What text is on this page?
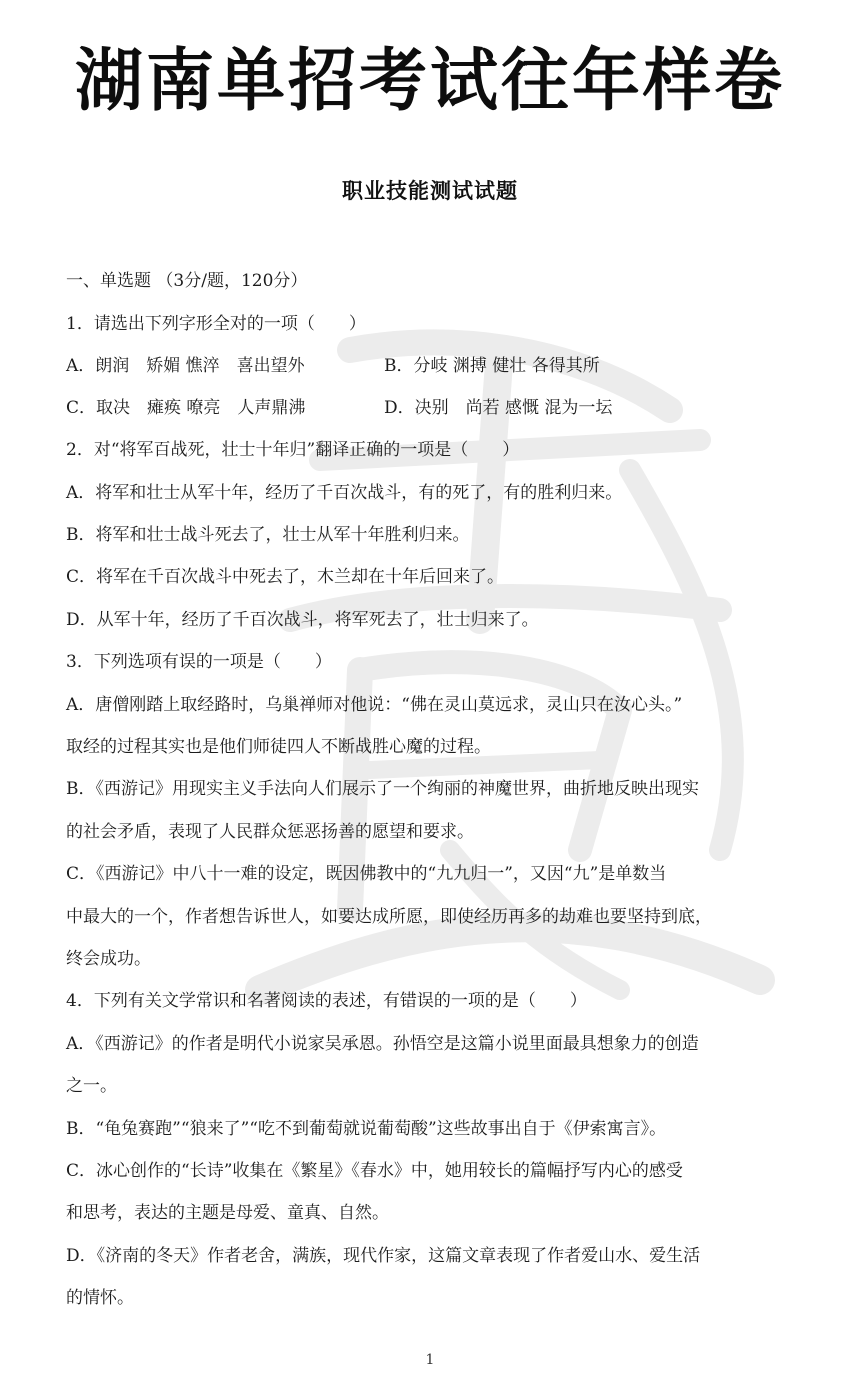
湖南单招考试往年样卷
职业技能测试试题
一、单选题 （3分/题，120分）
1．请选出下列字形全对的一项（　　）
A．朗润　矫媚 憔淬　喜出望外	B．分岐 渊搏 健壮 各得其所
C．取决　瘫痪 嘹亮　人声鼎沸	D．决别　尚若 感慨 混为一坛
2．对“将军百战死，壮士十年归”翻译正确的一项是（　　）
A．将军和壮士从军十年，经历了千百次战斗，有的死了，有的胜利归来。
B．将军和壮士战斗死去了，壮士从军十年胜利归来。
C．将军在千百次战斗中死去了，木兰却在十年后回来了。
D．从军十年，经历了千百次战斗，将军死去了，壮士归来了。
3．下列选项有误的一项是（　　）
A．唐僧刚踏上取经路时，乌巢禅师对他说：“佛在灵山莫远求，灵山只在汝心头。”
取经的过程其实也是他们师徒四人不断战胜心魔的过程。
B．《西游记》用现实主义手法向人们展示了一个绚丽的神魔世界，曲折地反映出现实
的社会矛盾，表现了人民群众惩恶扬善的愿望和要求。
C．《西游记》中八十一难的设定，既因佛教中的“九九归一”，又因“九”是单数当
中最大的一个，作者想告诉世人，如要达成所愿，即使经历再多的劫难也要坚持到底，
终会成功。
4．下列有关文学常识和名著阅读的表述，有错误的一项的是（　　）
A．《西游记》的作者是明代小说家吴承恩。孙悟空是这篇小说里面最具想象力的创造
之一。
B．“龟兔赛跑”“狼来了”“吃不到葡萄就说葡萄酸”这些故事出自于《伊索寓言》。
C．冰心创作的“长诗”收集在《繁星》《春水》中，她用较长的篇幅抒写内心的感受
和思考，表达的主题是母爱、童真、自然。
D．《济南的冬天》作者老舍，满族，现代作家，这篇文章表现了作者爱山水、爱生活
的情怀。
1
